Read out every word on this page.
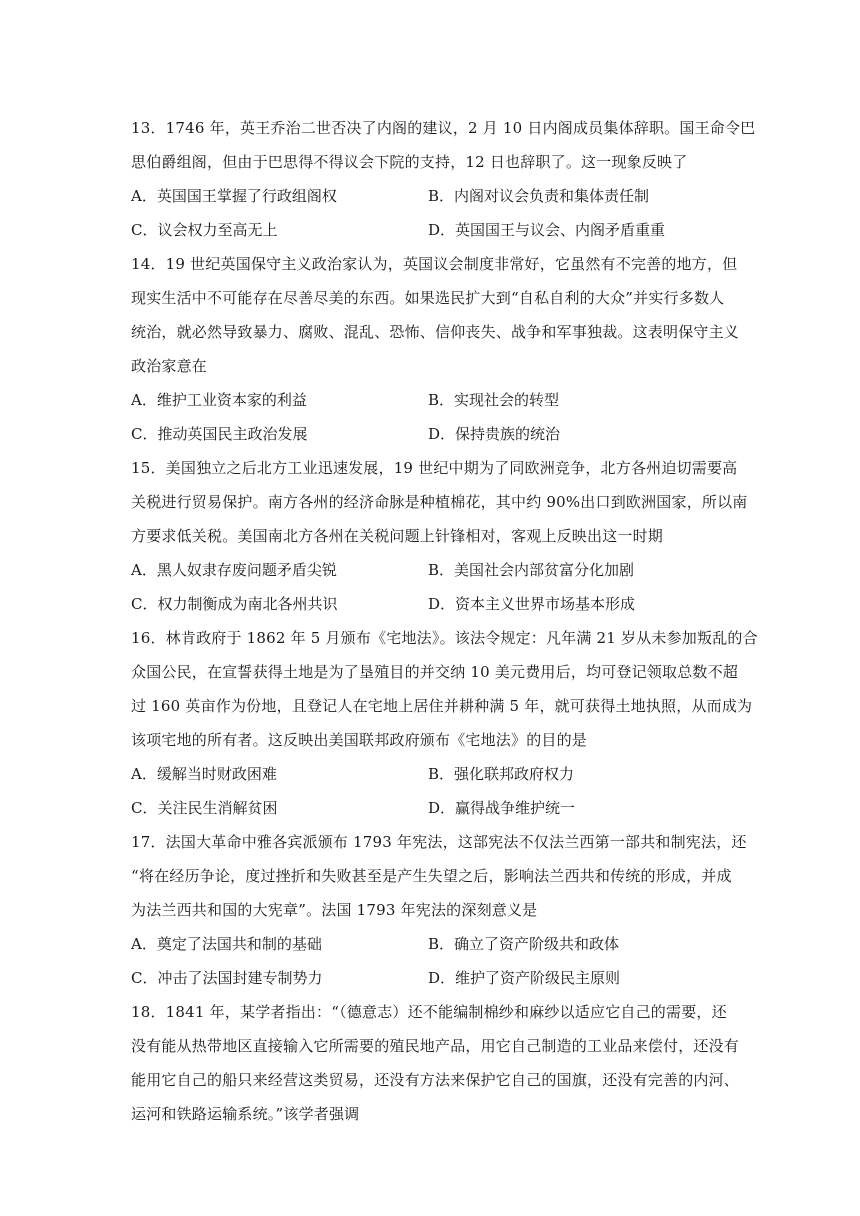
13．1746 年，英王乔治二世否决了内阁的建议，2 月 10 日内阁成员集体辞职。国王命令巴
思伯爵组阁，但由于巴思得不得议会下院的支持，12 日也辞职了。这一现象反映了

A．英国国王掌握了行政组阁权	B．内阁对议会负责和集体责任制
C．议会权力至高无上	D．英国国王与议会、内阁矛盾重重

14．19 世纪英国保守主义政治家认为，英国议会制度非常好，它虽然有不完善的地方，但
现实生活中不可能存在尽善尽美的东西。如果选民扩大到“自私自利的大众”并实行多数人
统治，就必然导致暴力、腐败、混乱、恐怖、信仰丧失、战争和军事独裁。这表明保守主义
政治家意在

A．维护工业资本家的利益	B．实现社会的转型
C．推动英国民主政治发展	D．保持贵族的统治

15．美国独立之后北方工业迅速发展，19 世纪中期为了同欧洲竞争，北方各州迫切需要高
关税进行贸易保护。南方各州的经济命脉是种植棉花，其中约 90%出口到欧洲国家，所以南
方要求低关税。美国南北方各州在关税问题上针锋相对，客观上反映出这一时期

A．黑人奴隶存废问题矛盾尖锐	B．美国社会内部贫富分化加剧
C．权力制衡成为南北各州共识	D．资本主义世界市场基本形成

16．林肯政府于 1862 年 5 月颁布《宅地法》。该法令规定：凡年满 21 岁从未参加叛乱的合
众国公民，在宣誓获得土地是为了垦殖目的并交纳 10 美元费用后，均可登记领取总数不超
过 160 英亩作为份地，且登记人在宅地上居住并耕种满 5 年，就可获得土地执照，从而成为
该项宅地的所有者。这反映出美国联邦政府颁布《宅地法》的目的是

A．缓解当时财政困难	B．强化联邦政府权力
C．关注民生消解贫困	D．赢得战争维护统一

17．法国大革命中雅各宾派颁布 1793 年宪法，这部宪法不仅法兰西第一部共和制宪法，还
“将在经历争论，度过挫折和失败甚至是产生失望之后，影响法兰西共和传统的形成，并成
为法兰西共和国的大宪章”。法国 1793 年宪法的深刻意义是

A．奠定了法国共和制的基础	B．确立了资产阶级共和政体
C．冲击了法国封建专制势力	D．维护了资产阶级民主原则

18．1841 年，某学者指出：“（德意志）还不能编制棉纱和麻纱以适应它自己的需要，还
没有能从热带地区直接输入它所需要的殖民地产品，用它自己制造的工业品来偿付，还没有
能用它自己的船只来经营这类贸易，还没有方法来保护它自己的国旗，还没有完善的内河、
运河和铁路运输系统。”该学者强调
